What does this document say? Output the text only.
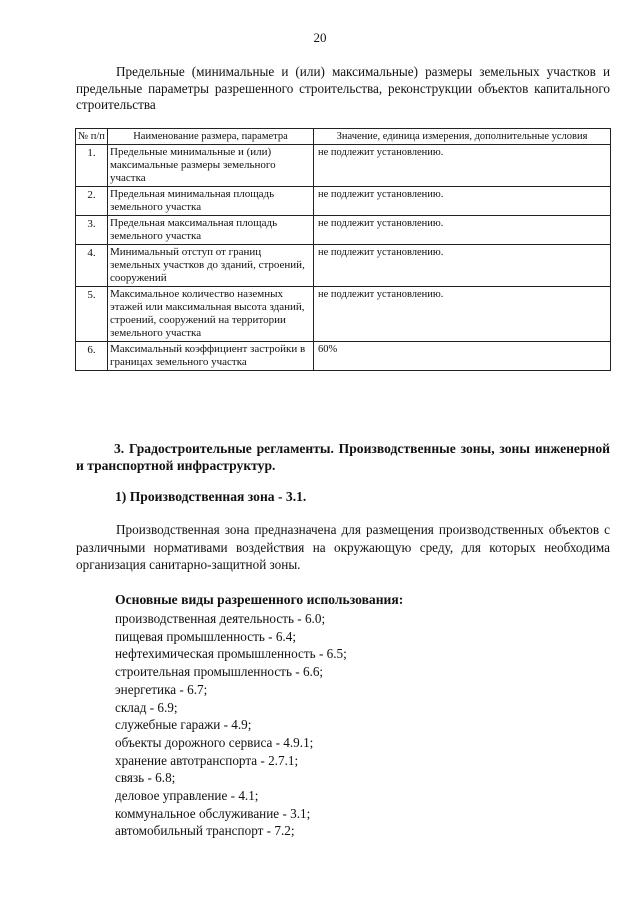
20

Предельные (минимальные и (или) максимальные) размеры земельных участков и предельные параметры разрешенного строительства, реконструкции объектов капитального строительства

№ п/п	Наименование размера, параметра	Значение, единица измерения, дополнительные условия
1.	Предельные минимальные и (или) максимальные размеры земельного участка	не подлежит установлению.
2.	Предельная минимальная площадь земельного участка	не подлежит установлению.
3.	Предельная максимальная площадь земельного участка	не подлежит установлению.
4.	Минимальный отступ от границ земельных участков до зданий, строений, сооружений	не подлежит установлению.
5.	Максимальное количество наземных этажей или максимальная высота зданий, строений, сооружений на территории земельного участка	не подлежит установлению.
6.	Максимальный коэффициент застройки в границах земельного участка	60%

3. Градостроительные регламенты. Производственные зоны, зоны инженерной и транспортной инфраструктур.

1) Производственная зона - 3.1.

Производственная зона предназначена для размещения производственных объектов с различными нормативами воздействия на окружающую среду, для которых необходима организация санитарно-защитной зоны.

Основные виды разрешенного использования:

производственная деятельность - 6.0;
пищевая промышленность - 6.4;
нефтехимическая промышленность - 6.5;
строительная промышленность - 6.6;
энергетика - 6.7;
склад - 6.9;
служебные гаражи - 4.9;
объекты дорожного сервиса - 4.9.1;
хранение автотранспорта - 2.7.1;
связь - 6.8;
деловое управление - 4.1;
коммунальное обслуживание - 3.1;
автомобильный транспорт - 7.2;
